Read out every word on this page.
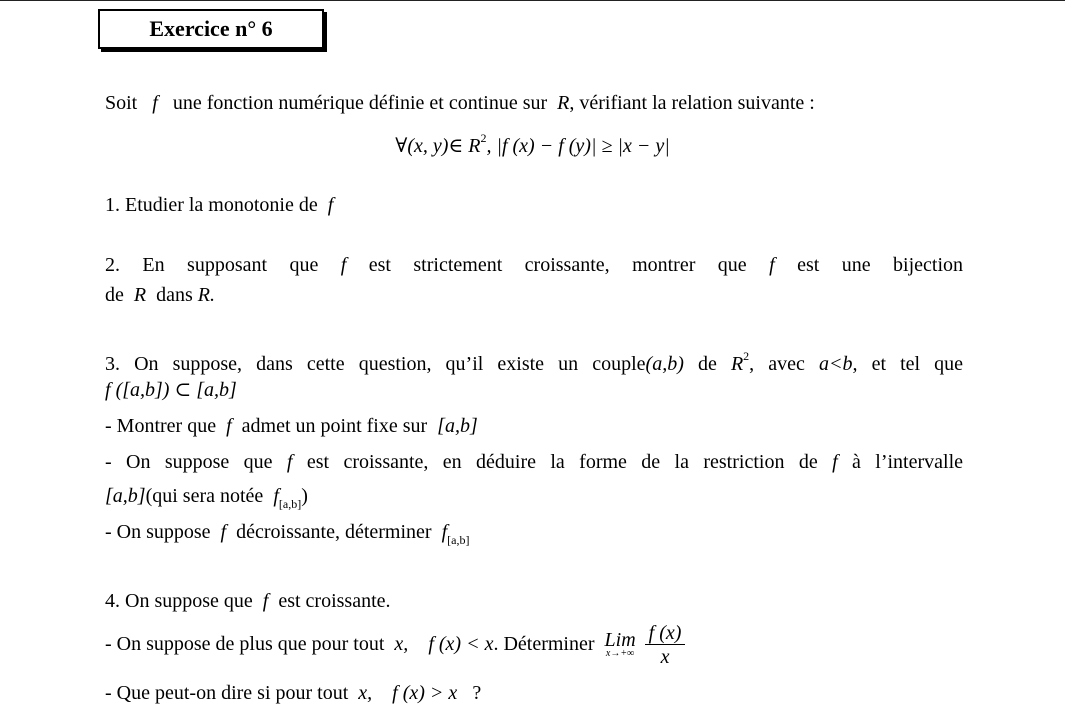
Exercice n° 6
Soit f une fonction numérique définie et continue sur R, vérifiant la relation suivante :
∀(x, y)∈ $R^2$, |f (x) − f (y)| ≥ |x − y|
1. Etudier la monotonie de f
2. En supposant que f est strictement croissante, montrer que f est une bijection
de R dans R.
3. On suppose, dans cette question, qu’il existe un couple(a,b) de $R^2$, avec a<b, et tel que
f ([a,b]) ⊂ [a,b]
- Montrer que f admet un point fixe sur [a,b]
- On suppose que f est croissante, en déduire la forme de la restriction de f à l’intervalle
[a,b](qui sera notée $f_{[a,b]}$)
- On suppose f décroissante, déterminer $f_{[a,b]}$
4. On suppose que f est croissante.
- On suppose de plus que pour tout x, f (x) < x. Déterminer Lim
x→+∞
$\frac{f (x)}{x}$
- Que peut-on dire si pour tout x, f (x) > x ?
